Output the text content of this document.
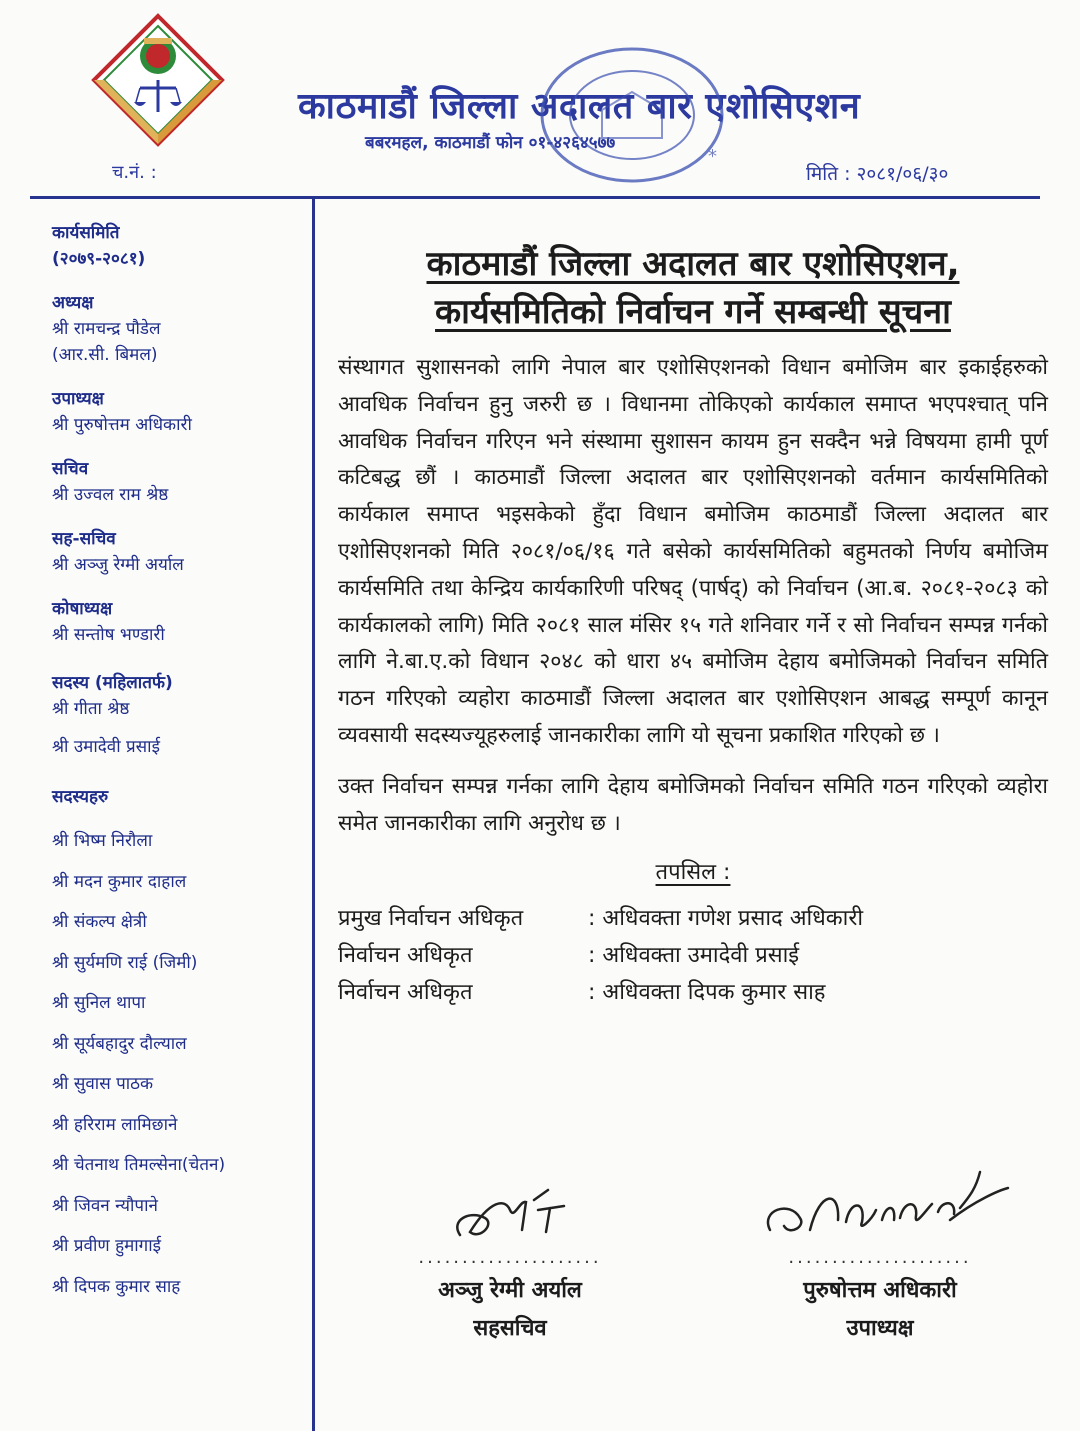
काठमाडौं जिल्ला अदालत बार एशोसिएशन
बबरमहल, काठमाडौं फोन ०१-४२६४५७७
*
च.नं. :	मिति : २०८१/०६/३०
कार्यसमिति
(२०७९-२०८१)
अध्यक्ष
श्री रामचन्द्र पौडेल
(आर.सी. बिमल)
उपाध्यक्ष
श्री पुरुषोत्तम अधिकारी
सचिव
श्री उज्वल राम श्रेष्ठ
सह-सचिव
श्री अञ्जु रेग्मी अर्याल
कोषाध्यक्ष
श्री सन्तोष भण्डारी
सदस्य (महिलातर्फ)
श्री गीता श्रेष्ठ
श्री उमादेवी प्रसाई
सदस्यहरु
श्री भिष्म निरौला
श्री मदन कुमार दाहाल
श्री संकल्प क्षेत्री
श्री सुर्यमणि राई (जिमी)
श्री सुनिल थापा
श्री सूर्यबहादुर दौल्याल
श्री सुवास पाठक
श्री हरिराम लामिछाने
श्री चेतनाथ तिमल्सेना(चेतन)
श्री जिवन न्यौपाने
श्री प्रवीण हुमागाई
श्री दिपक कुमार साह
काठमाडौं जिल्ला अदालत बार एशोसिएशन,
कार्यसमितिको निर्वाचन गर्ने सम्बन्धी सूचना

संस्थागत सुशासनको लागि नेपाल बार एशोसिएशनको विधान बमोजिम बार इकाईहरुको आवधिक निर्वाचन हुनु जरुरी छ । विधानमा तोकिएको कार्यकाल समाप्त भएपश्चात् पनि आवधिक निर्वाचन गरिएन भने संस्थामा सुशासन कायम हुन सक्दैन भन्ने विषयमा हामी पूर्ण कटिबद्ध छौं । काठमाडौं जिल्ला अदालत बार एशोसिएशनको वर्तमान कार्यसमितिको कार्यकाल समाप्त भइसकेको हुँदा विधान बमोजिम काठमाडौं जिल्ला अदालत बार एशोसिएशनको मिति २०८१/०६/१६ गते बसेको कार्यसमितिको बहुमतको निर्णय बमोजिम कार्यसमिति तथा केन्द्रिय कार्यकारिणी परिषद् (पार्षद्) को निर्वाचन (आ.ब. २०८१-२०८३ को कार्यकालको लागि) मिति २०८१ साल मंसिर १५ गते शनिवार गर्ने र सो निर्वाचन सम्पन्न गर्नको लागि ने.बा.ए.को विधान २०४८ को धारा ४५ बमोजिम देहाय बमोजिमको निर्वाचन समिति गठन गरिएको व्यहोरा काठमाडौं जिल्ला अदालत बार एशोसिएशन आबद्ध सम्पूर्ण कानून व्यवसायी सदस्यज्यूहरुलाई जानकारीका लागि यो सूचना प्रकाशित गरिएको छ ।

उक्त निर्वाचन सम्पन्न गर्नका लागि देहाय बमोजिमको निर्वाचन समिति गठन गरिएको व्यहोरा समेत जानकारीका लागि अनुरोध छ ।

तपसिल :
प्रमुख निर्वाचन अधिकृत	: अधिवक्ता गणेश प्रसाद अधिकारी
निर्वाचन अधिकृत	: अधिवक्ता उमादेवी प्रसाई
निर्वाचन अधिकृत	: अधिवक्ता दिपक कुमार साह
.....................
अञ्जु रेग्मी अर्याल
सहसचिव
.....................
पुरुषोत्तम अधिकारी
उपाध्यक्ष
